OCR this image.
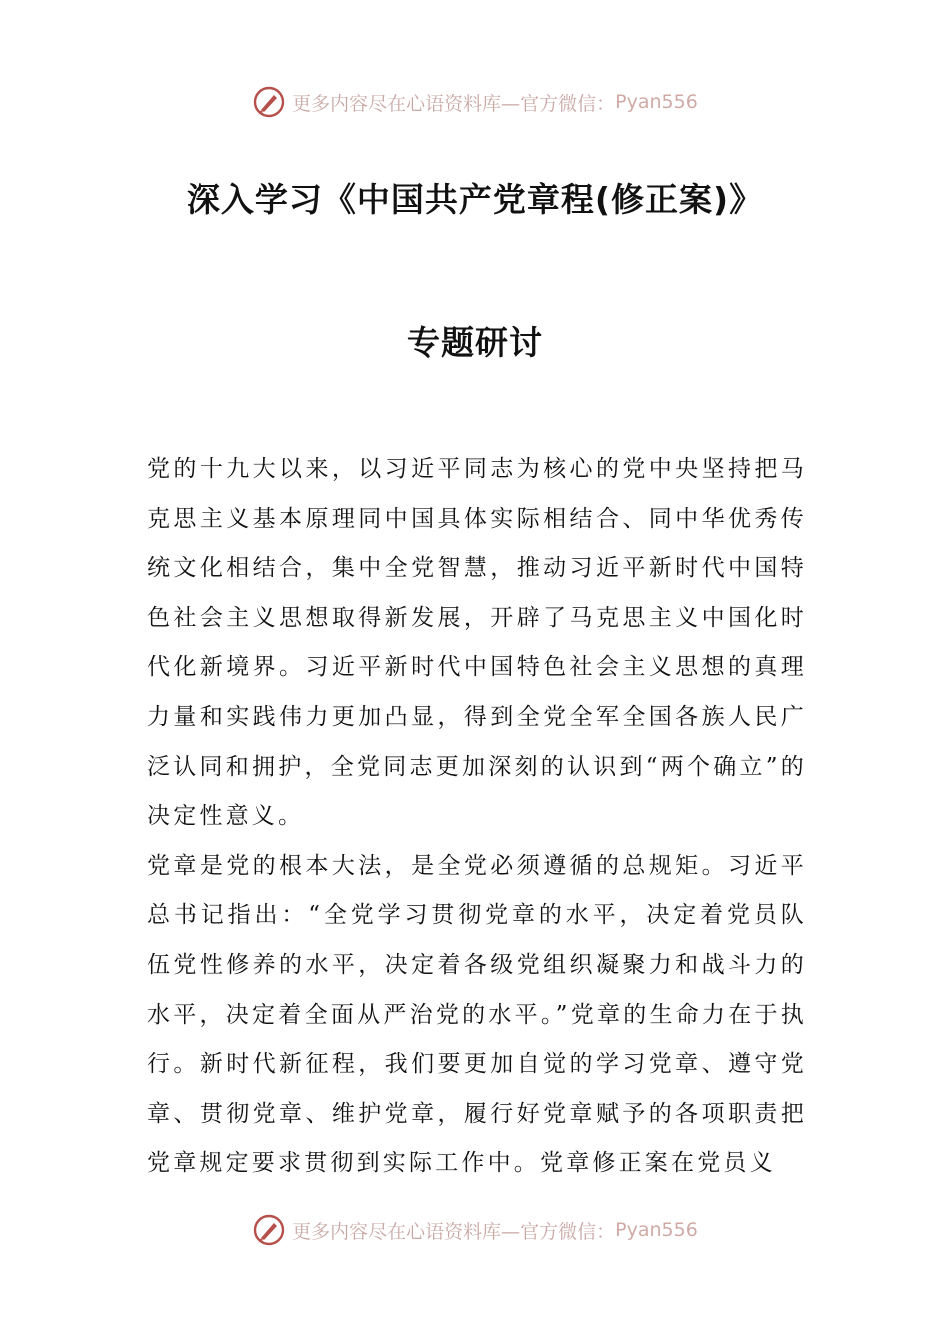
更多内容尽在心语资料库—官方微信： Pyan556
深入学习《中国共产党章程(修正案)》
专题研讨

党的十九大以来，以习近平同志为核心的党中央坚持把马克思主义基本原理同中国具体实际相结合、同中华优秀传统文化相结合，集中全党智慧，推动习近平新时代中国特色社会主义思想取得新发展，开辟了马克思主义中国化时代化新境界。习近平新时代中国特色社会主义思想的真理力量和实践伟力更加凸显，得到全党全军全国各族人民广泛认同和拥护，全党同志更加深刻的认识到“两个确立”的决定性意义。

党章是党的根本大法，是全党必须遵循的总规矩。习近平总书记指出：“全党学习贯彻党章的水平，决定着党员队伍党性修养的水平，决定着各级党组织凝聚力和战斗力的水平，决定着全面从严治党的水平。”党章的生命力在于执行。新时代新征程，我们要更加自觉的学习党章、遵守党章、贯彻党章、维护党章，履行好党章赋予的各项职责把党章规定要求贯彻到实际工作中。党章修正案在党员义

更多内容尽在心语资料库—官方微信： Pyan556
